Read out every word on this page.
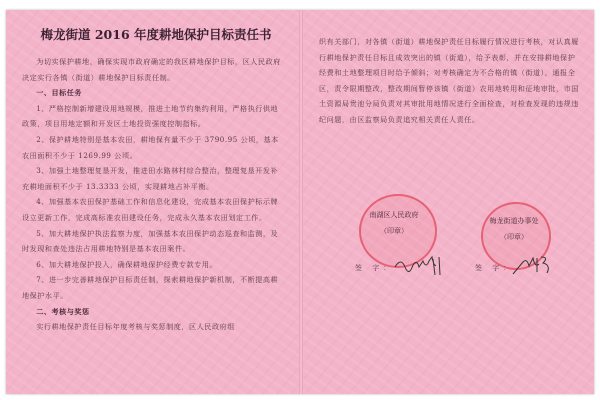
梅龙街道 2016 年度耕地保护目标责任书

为切实保护耕地，确保实现市政府确定的我区耕地保护目标，区人民政府决定实行各镇（街道）耕地保护目标责任制。

一、目标任务

1、严格控制新增建设用地规模，推进土地节约集约利用，严格执行供地政策，项目用地定额和开发区土地投资强度控制指标。

2、保护耕地特别是基本农田，耕地保有量不少于 3790.95 公顷，基本农田面积不少于 1269.99 公顷。

3、加强土地整理复垦开发，推进田水路林村综合整治，整理复垦开发补充耕地面积不少于 13.3333 公顷，实现耕地占补平衡。

4、加强基本农田保护基础工作和信息化建设，完成基本农田保护标示牌设立更新工作，完成高标准农田建设任务，完成永久基本农田划定工作。

5、加大耕地保护执法监察力度，加强基本农田保护动态巡查和监测，及时发现和查处违法占用耕地特别是基本农田案件。

6、加大耕地保护投入，确保耕地保护经费专款专用。

7、进一步完善耕地保护目标责任制，探索耕地保护新机制，不断提高耕地保护水平。

二、考核与奖惩

实行耕地保护责任目标年度考核与奖惩制度，区人民政府组

织有关部门，对各镇（街道）耕地保护责任目标履行情况进行考核，对认真履行耕地保护责任目标且成效突出的镇（街道），给予表彰，并在安排耕地保护经费和土地整理项目时给予倾斜；对考核确定为不合格的镇（街道），通报全区，责令限期整改，整改期间暂停该镇（街道）农用地转用和征地审批，市国土资源局贵池分局负责对其审批用地情况进行全面检查，对检查发现的违规违纪问题，由区监察局负责追究相关责任人责任。

南湖区人民政府
（印章）
签 字：
梅龙街道办事处
（印章）
签 字：
